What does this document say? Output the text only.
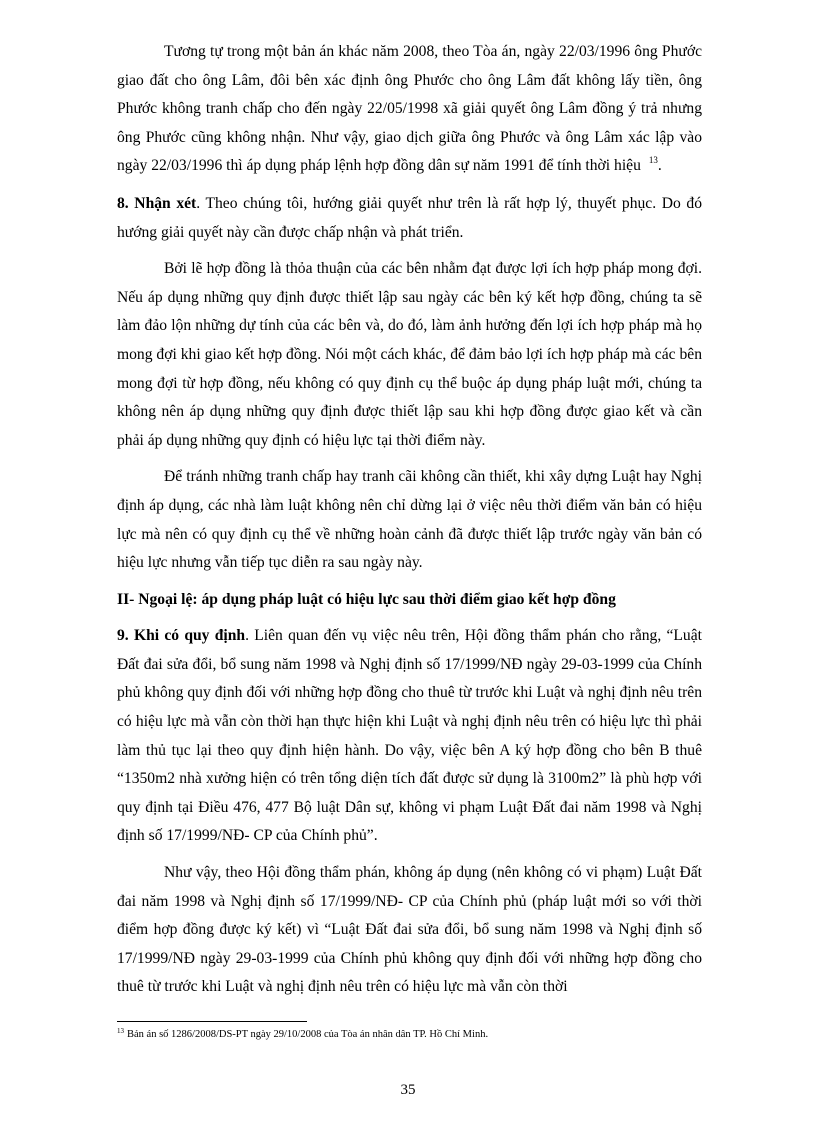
Tương tự trong một bản án khác năm 2008, theo Tòa án, ngày 22/03/1996 ông Phước giao đất cho ông Lâm, đôi bên xác định ông Phước cho ông Lâm đất không lấy tiền, ông Phước không tranh chấp cho đến ngày 22/05/1998 xã giải quyết ông Lâm đồng ý trả nhưng ông Phước cũng không nhận. Như vậy, giao dịch giữa ông Phước và ông Lâm xác lập vào ngày 22/03/1996 thì áp dụng pháp lệnh hợp đồng dân sự năm 1991 để tính thời hiệu $^{13}$.

8. Nhận xét. Theo chúng tôi, hướng giải quyết như trên là rất hợp lý, thuyết phục. Do đó hướng giải quyết này cần được chấp nhận và phát triển.

Bởi lẽ hợp đồng là thỏa thuận của các bên nhằm đạt được lợi ích hợp pháp mong đợi. Nếu áp dụng những quy định được thiết lập sau ngày các bên ký kết hợp đồng, chúng ta sẽ làm đảo lộn những dự tính của các bên và, do đó, làm ảnh hưởng đến lợi ích hợp pháp mà họ mong đợi khi giao kết hợp đồng. Nói một cách khác, để đảm bảo lợi ích hợp pháp mà các bên mong đợi từ hợp đồng, nếu không có quy định cụ thể buộc áp dụng pháp luật mới, chúng ta không nên áp dụng những quy định được thiết lập sau khi hợp đồng được giao kết và cần phải áp dụng những quy định có hiệu lực tại thời điểm này.

Để tránh những tranh chấp hay tranh cãi không cần thiết, khi xây dựng Luật hay Nghị định áp dụng, các nhà làm luật không nên chỉ dừng lại ở việc nêu thời điểm văn bản có hiệu lực mà nên có quy định cụ thể về những hoàn cảnh đã được thiết lập trước ngày văn bản có hiệu lực nhưng vẫn tiếp tục diễn ra sau ngày này.

II- Ngoại lệ: áp dụng pháp luật có hiệu lực sau thời điểm giao kết hợp đồng

9. Khi có quy định. Liên quan đến vụ việc nêu trên, Hội đồng thẩm phán cho rằng, “Luật Đất đai sửa đổi, bổ sung năm 1998 và Nghị định số 17/1999/NĐ ngày 29-03-1999 của Chính phủ không quy định đối với những hợp đồng cho thuê từ trước khi Luật và nghị định nêu trên có hiệu lực mà vẫn còn thời hạn thực hiện khi Luật và nghị định nêu trên có hiệu lực thì phải làm thủ tục lại theo quy định hiện hành. Do vậy, việc bên A ký hợp đồng cho bên B thuê “1350m2 nhà xưởng hiện có trên tổng diện tích đất được sử dụng là 3100m2” là phù hợp với quy định tại Điều 476, 477 Bộ luật Dân sự, không vi phạm Luật Đất đai năm 1998 và Nghị định số 17/1999/NĐ- CP của Chính phủ”.

Như vậy, theo Hội đồng thẩm phán, không áp dụng (nên không có vi phạm) Luật Đất đai năm 1998 và Nghị định số 17/1999/NĐ- CP của Chính phủ (pháp luật mới so với thời điểm hợp đồng được ký kết) vì “Luật Đất đai sửa đổi, bổ sung năm 1998 và Nghị định số 17/1999/NĐ ngày 29-03-1999 của Chính phủ không quy định đối với những hợp đồng cho thuê từ trước khi Luật và nghị định nêu trên có hiệu lực mà vẫn còn thời

$^{13}$ Bản án số 1286/2008/DS-PT ngày 29/10/2008 của Tòa án nhân dân TP. Hồ Chí Minh.
35
